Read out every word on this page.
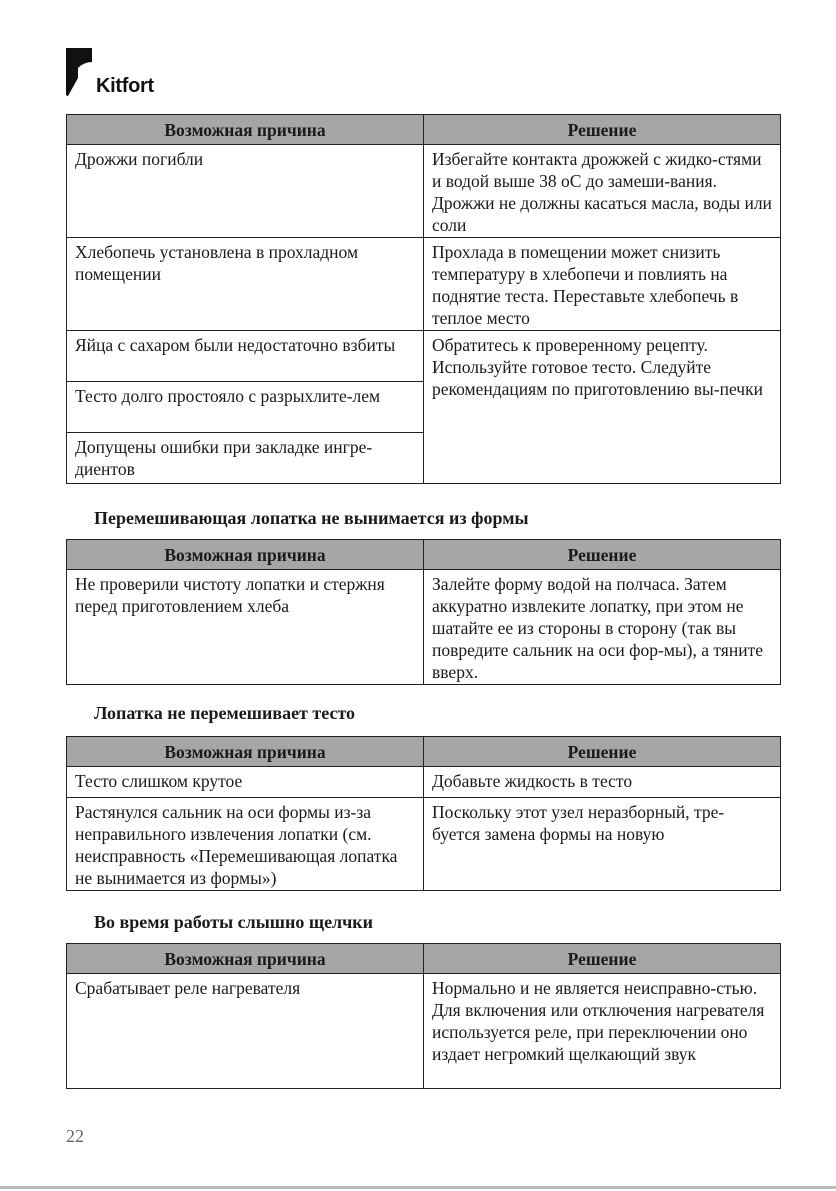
Kitfort
Возможная причина	Решение
Дрожжи погибли	Избегайте контакта дрожжей с жидко-стями и водой выше 38 оС до замеши-вания. Дрожжи не должны касаться масла, воды или соли
Хлебопечь установлена в прохладном помещении	Прохлада в помещении может снизить температуру в хлебопечи и повлиять на поднятие теста. Переставьте хлебопечь в теплое место
Яйца с сахаром были недостаточно взбиты	Обратитесь к проверенному рецепту. Используйте готовое тесто. Следуйте рекомендациям по приготовлению вы-печки
Тесто долго простояло с разрыхлите-лем	
Допущены ошибки при закладке ингре-диентов	

Перемешивающая лопатка не вынимается из формы

Возможная причина	Решение
Не проверили чистоту лопатки и стержня перед приготовлением хлеба	Залейте форму водой на полчаса. Затем аккуратно извлеките лопатку, при этом не шатайте ее из стороны в сторону (так вы повредите сальник на оси фор-мы), а тяните вверх.

Лопатка не перемешивает тесто

Возможная причина	Решение
Тесто слишком крутое	Добавьте жидкость в тесто
Растянулся сальник на оси формы из-за неправильного извлечения лопатки (см. неисправность «Перемешивающая лопатка не вынимается из формы»)	Поскольку этот узел неразборный, тре-буется замена формы на новую

Во время работы слышно щелчки

Возможная причина	Решение
Срабатывает реле нагревателя	Нормально и не является неисправно-стью. Для включения или отключения нагревателя используется реле, при переключении оно издает негромкий щелкающий звук
22
